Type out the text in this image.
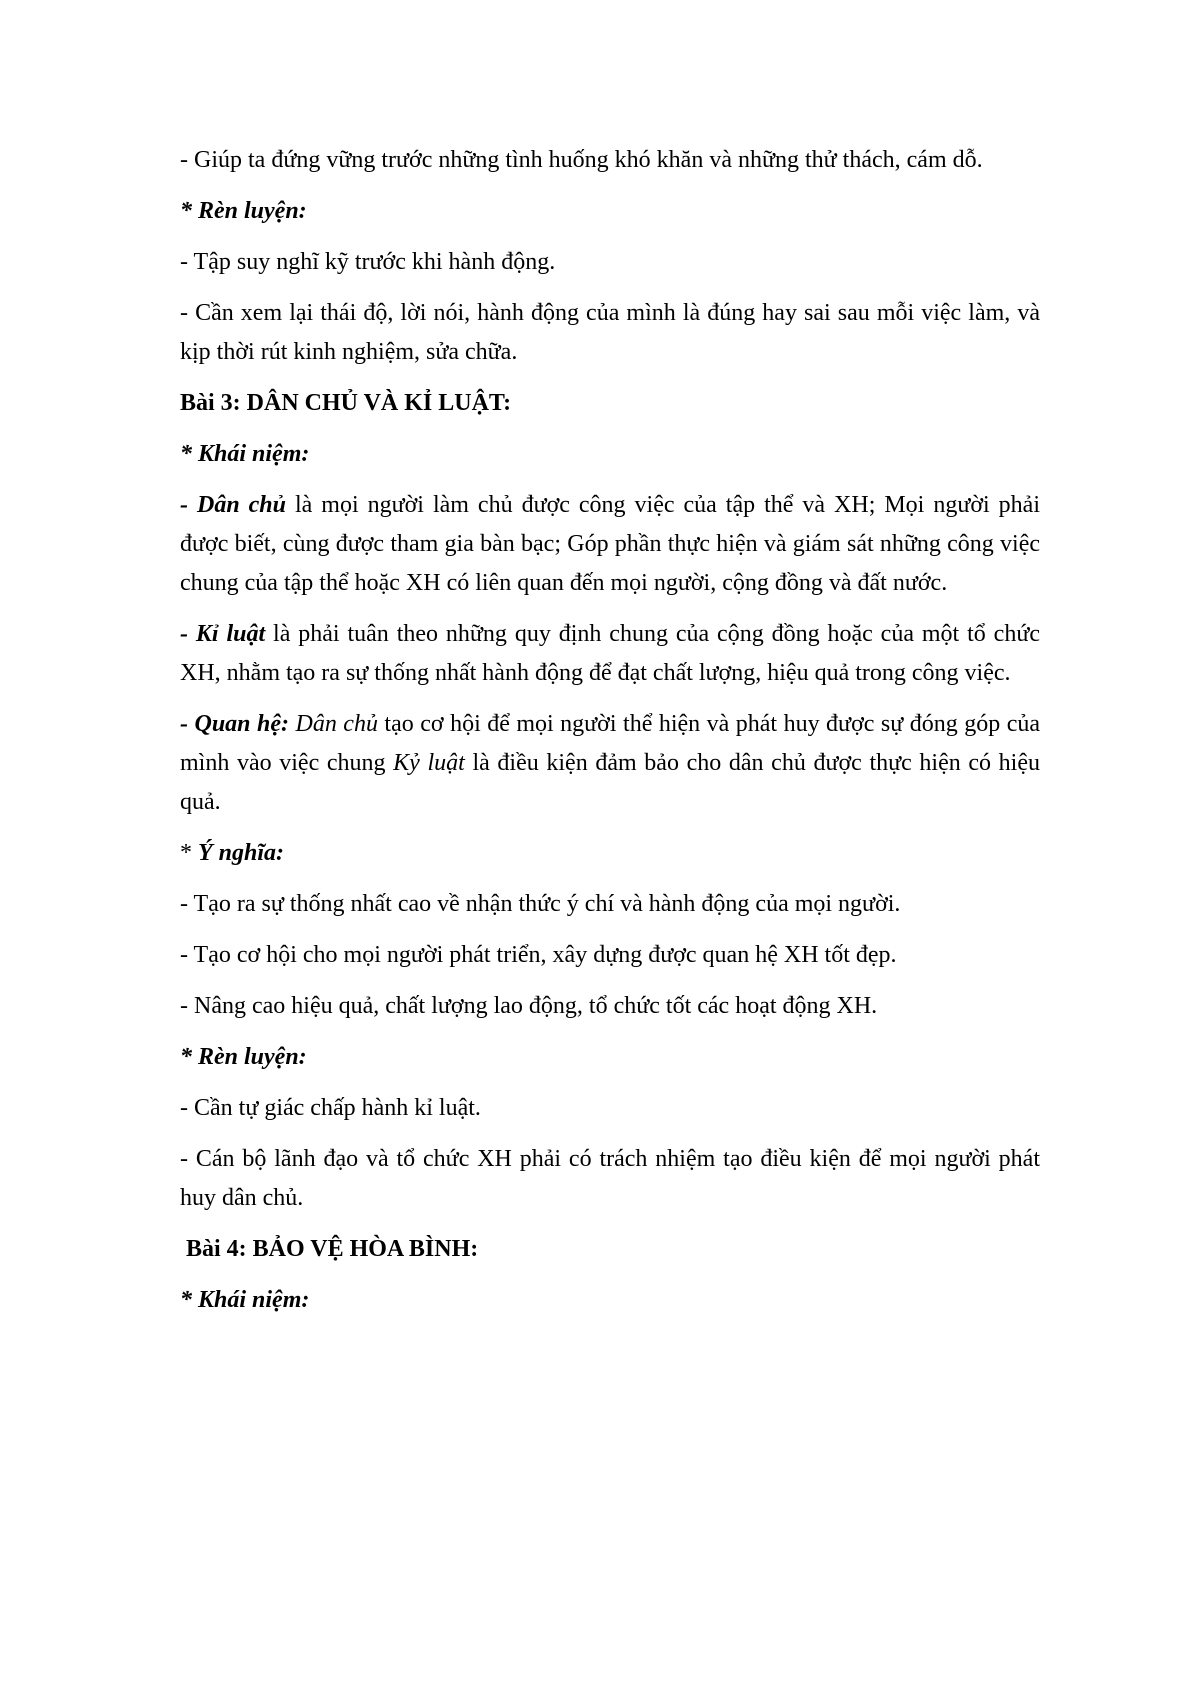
- Giúp ta đứng vững trước những tình huống khó khăn và những thử thách, cám dỗ.

* Rèn luyện:

- Tập suy nghĩ kỹ trước khi hành động.

- Cần xem lại thái độ, lời nói, hành động của mình là đúng hay sai sau mỗi việc làm, và kịp thời rút kinh nghiệm, sửa chữa.

Bài 3: DÂN CHỦ VÀ KỈ LUẬT:

* Khái niệm:

- Dân chủ là mọi người làm chủ được công việc của tập thể và XH; Mọi người phải được biết, cùng được tham gia bàn bạc; Góp phần thực hiện và giám sát những công việc chung của tập thể hoặc XH có liên quan đến mọi người, cộng đồng và đất nước.

- Kỉ luật là phải tuân theo những quy định chung của cộng đồng hoặc của một tổ chức XH, nhằm tạo ra sự thống nhất hành động để đạt chất lượng, hiệu quả trong công việc.

- Quan hệ: Dân chủ tạo cơ hội để mọi người thể hiện và phát huy được sự đóng góp của mình vào việc chung Kỷ luật là điều kiện đảm bảo cho dân chủ được thực hiện có hiệu quả.

* Ý nghĩa:

- Tạo ra sự thống nhất cao về nhận thức ý chí và hành động của mọi người.

- Tạo cơ hội cho mọi người phát triển, xây dựng được quan hệ XH tốt đẹp.

- Nâng cao hiệu quả, chất lượng lao động, tổ chức tốt các hoạt động XH.

* Rèn luyện:

- Cần tự giác chấp hành kỉ luật.

- Cán bộ lãnh đạo và tổ chức XH phải có trách nhiệm tạo điều kiện để mọi người phát huy dân chủ.

Bài 4: BẢO VỆ HÒA BÌNH:

* Khái niệm:
